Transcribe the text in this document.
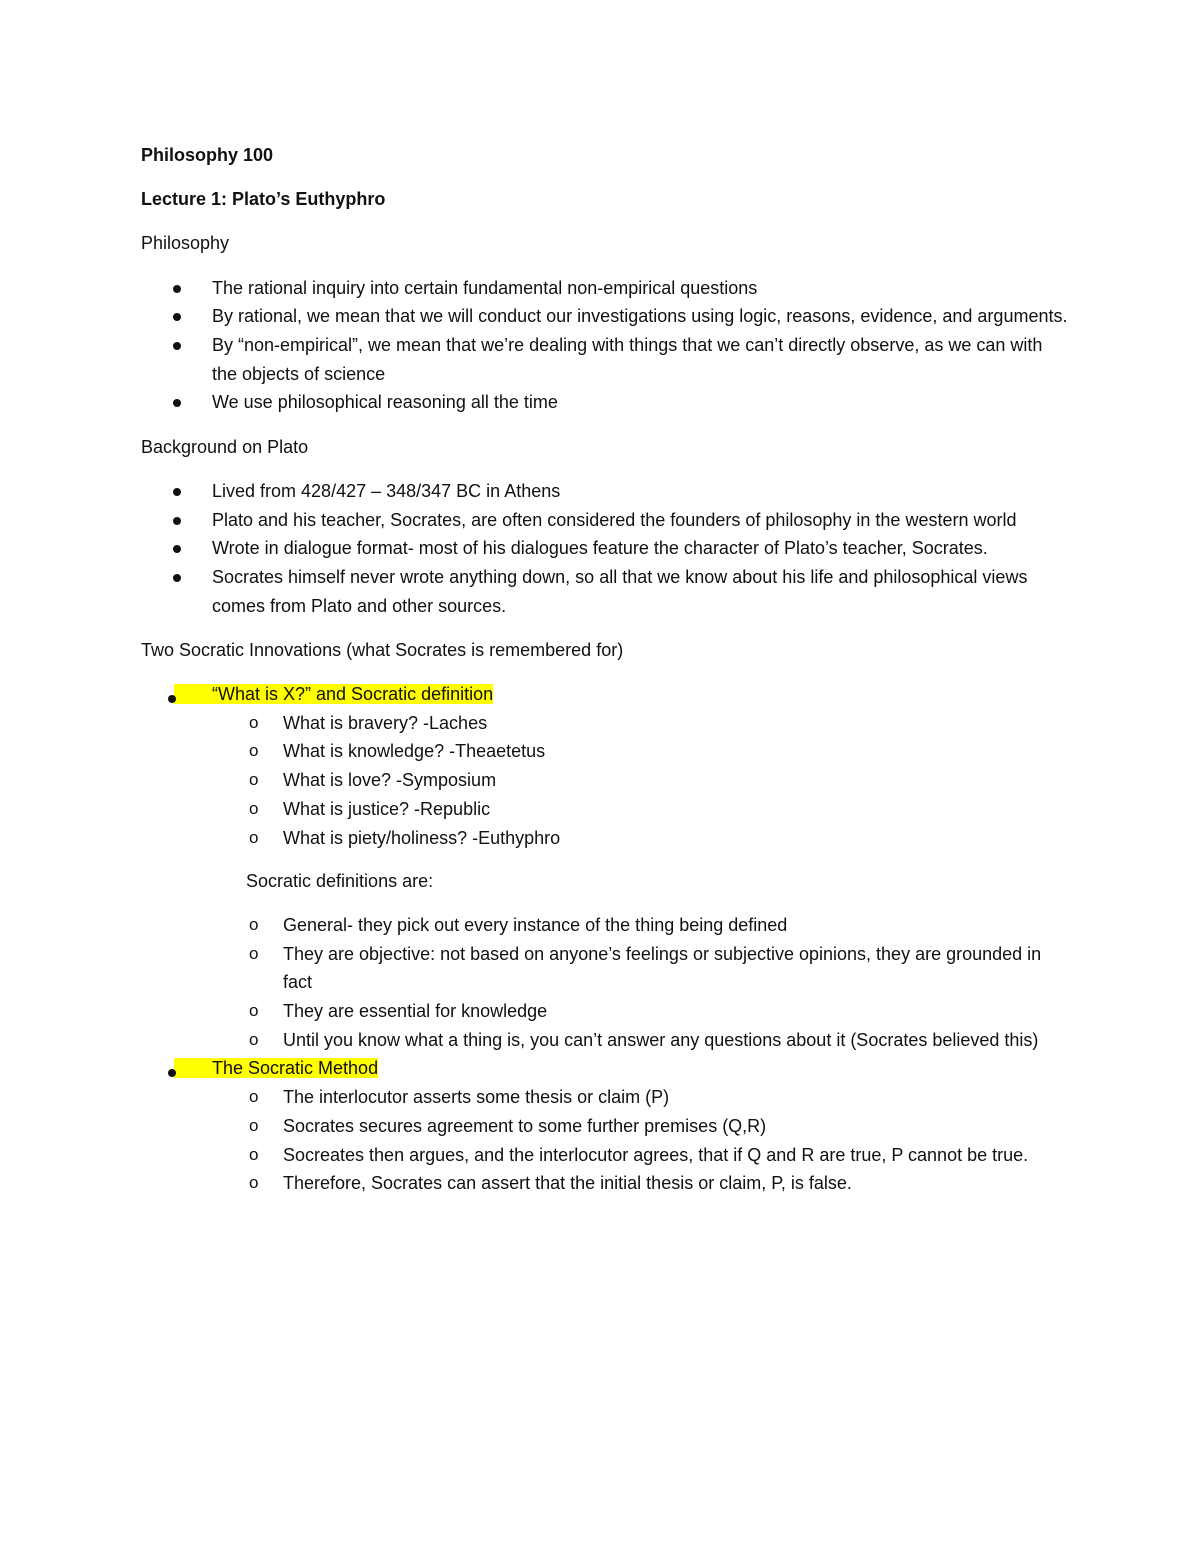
Philosophy 100

Lecture 1: Plato’s Euthyphro

Philosophy

The rational inquiry into certain fundamental non-empirical questions
By rational, we mean that we will conduct our investigations using logic, reasons, evidence, and arguments.
By “non-empirical”, we mean that we’re dealing with things that we can’t directly observe, as we can with the objects of science
We use philosophical reasoning all the time

Background on Plato

Lived from 428/427 – 348/347 BC in Athens
Plato and his teacher, Socrates, are often considered the founders of philosophy in the western world
Wrote in dialogue format- most of his dialogues feature the character of Plato’s teacher, Socrates.
Socrates himself never wrote anything down, so all that we know about his life and philosophical views comes from Plato and other sources.

Two Socratic Innovations (what Socrates is remembered for)

“What is X?” and Socratic definition
o What is bravery? -Laches
o What is knowledge? -Theaetetus
o What is love? -Symposium
o What is justice? -Republic
o What is piety/holiness? -Euthyphro

Socratic definitions are:

o General- they pick out every instance of the thing being defined
o They are objective: not based on anyone’s feelings or subjective opinions, they are grounded in fact
o They are essential for knowledge
o Until you know what a thing is, you can’t answer any questions about it (Socrates believed this)
The Socratic Method
o The interlocutor asserts some thesis or claim (P)
o Socrates secures agreement to some further premises (Q,R)
o Socreates then argues, and the interlocutor agrees, that if Q and R are true, P cannot be true.
o Therefore, Socrates can assert that the initial thesis or claim, P, is false.
